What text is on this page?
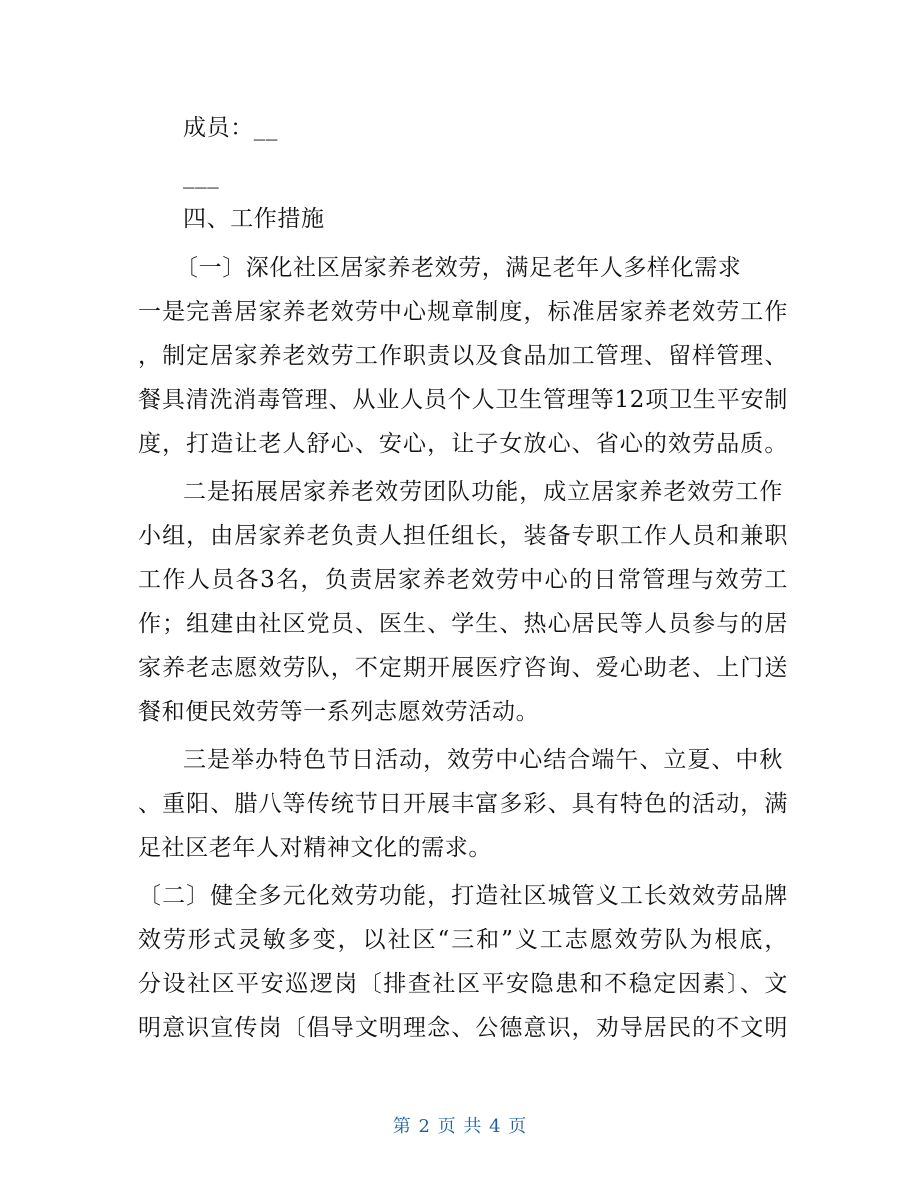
成员：__
___
四、工作措施
〔一〕深化社区居家养老效劳，满足老年人多样化需求
一是完善居家养老效劳中心规章制度，标准居家养老效劳工作
，制定居家养老效劳工作职责以及食品加工管理、留样管理、
餐具清洗消毒管理、从业人员个人卫生管理等12项卫生平安制
度，打造让老人舒心、安心，让子女放心、省心的效劳品质。
二是拓展居家养老效劳团队功能，成立居家养老效劳工作
小组，由居家养老负责人担任组长，装备专职工作人员和兼职
工作人员各3名，负责居家养老效劳中心的日常管理与效劳工
作；组建由社区党员、医生、学生、热心居民等人员参与的居
家养老志愿效劳队，不定期开展医疗咨询、爱心助老、上门送
餐和便民效劳等一系列志愿效劳活动。
三是举办特色节日活动，效劳中心结合端午、立夏、中秋
、重阳、腊八等传统节日开展丰富多彩、具有特色的活动，满
足社区老年人对精神文化的需求。
〔二〕健全多元化效劳功能，打造社区城管义工长效效劳品牌
效劳形式灵敏多变，以社区“三和”义工志愿效劳队为根底，
分设社区平安巡逻岗〔排查社区平安隐患和不稳定因素〕、文
明意识宣传岗〔倡导文明理念、公德意识，劝导居民的不文明
第 2 页 共 4 页
